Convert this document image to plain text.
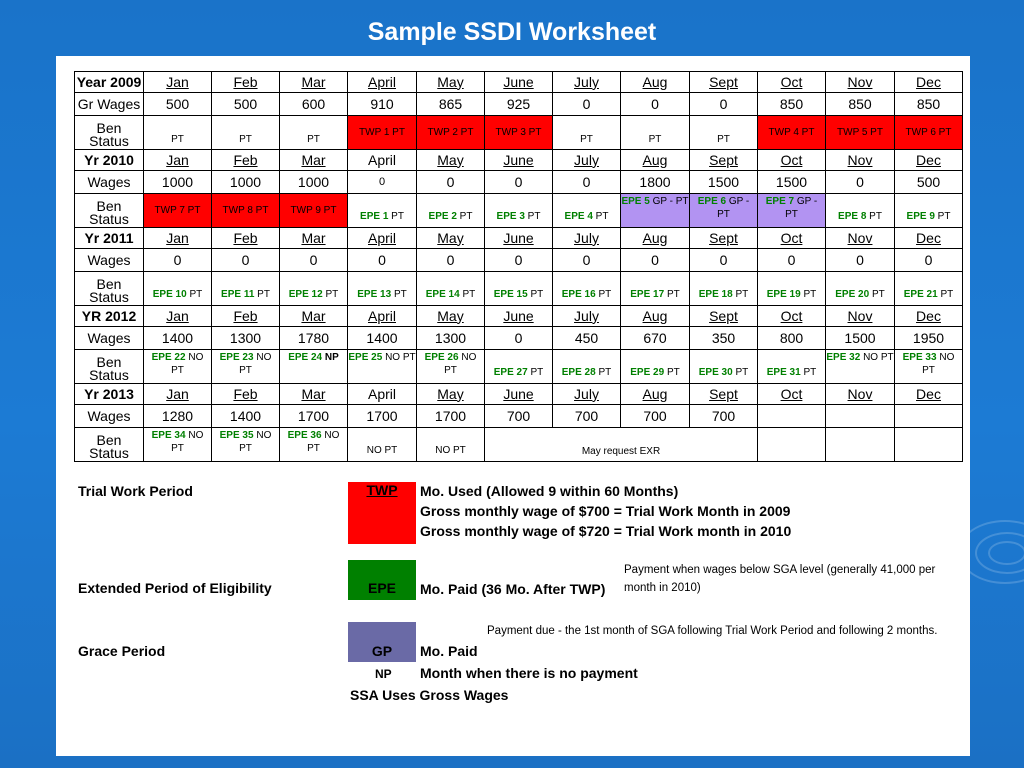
Sample SSDI Worksheet
Year 2009	Jan	Feb	Mar	April	May	June	July	Aug	Sept	Oct	Nov	Dec
Gr Wages	500	500	600	910	865	925	0	0	0	850	850	850
Ben Status	PT	PT	PT	TWP 1 PT	TWP 2 PT	TWP 3 PT	PT	PT	PT	TWP 4 PT	TWP 5 PT	TWP 6 PT
Yr 2010	Jan	Feb	Mar	April	May	June	July	Aug	Sept	Oct	Nov	Dec
Wages	1000	1000	1000	0	0	0	0	1800	1500	1500	0	500
Ben Status	TWP 7 PT	TWP 8 PT	TWP 9 PT	EPE 1 PT	EPE 2 PT	EPE 3 PT	EPE 4 PT	EPE 5 GP - PT	EPE 6 GP - PT	EPE 7 GP - PT	EPE 8 PT	EPE 9 PT
Yr 2011	Jan	Feb	Mar	April	May	June	July	Aug	Sept	Oct	Nov	Dec
Wages	0	0	0	0	0	0	0	0	0	0	0	0
Ben Status	EPE 10 PT	EPE 11 PT	EPE 12 PT	EPE 13 PT	EPE 14 PT	EPE 15 PT	EPE 16 PT	EPE 17 PT	EPE 18 PT	EPE 19 PT	EPE 20 PT	EPE 21 PT
YR 2012	Jan	Feb	Mar	April	May	June	July	Aug	Sept	Oct	Nov	Dec
Wages	1400	1300	1780	1400	1300	0	450	670	350	800	1500	1950
Ben Status	EPE 22 NO PT	EPE 23 NO PT	EPE 24 NP	EPE 25 NO PT	EPE 26 NO PT	EPE 27 PT	EPE 28 PT	EPE 29 PT	EPE 30 PT	EPE 31 PT	EPE 32 NO PT	EPE 33 NO PT
Yr 2013	Jan	Feb	Mar	April	May	June	July	Aug	Sept	Oct	Nov	Dec
Wages	1280	1400	1700	1700	1700	700	700	700	700			
Ben Status	EPE 34 NO PT	EPE 35 NO PT	EPE 36 NO PT	NO PT	NO PT	May request EXR						
Trial Work Period	TWP	Mo. Used (Allowed 9 within 60 Months)
Gross monthly wage of $700 = Trial Work Month in 2009
Gross monthly wage of $720 = Trial Work month in 2010
Payment when wages below SGA level (generally 41,000 per month in 2010)
Extended Period of Eligibility	EPE	Mo. Paid (36 Mo. After TWP)
Payment due - the 1st month of SGA following Trial Work Period and following 2 months.
Grace Period	GP	Mo. Paid
NP Month when there is no payment
SSA Uses Gross Wages
